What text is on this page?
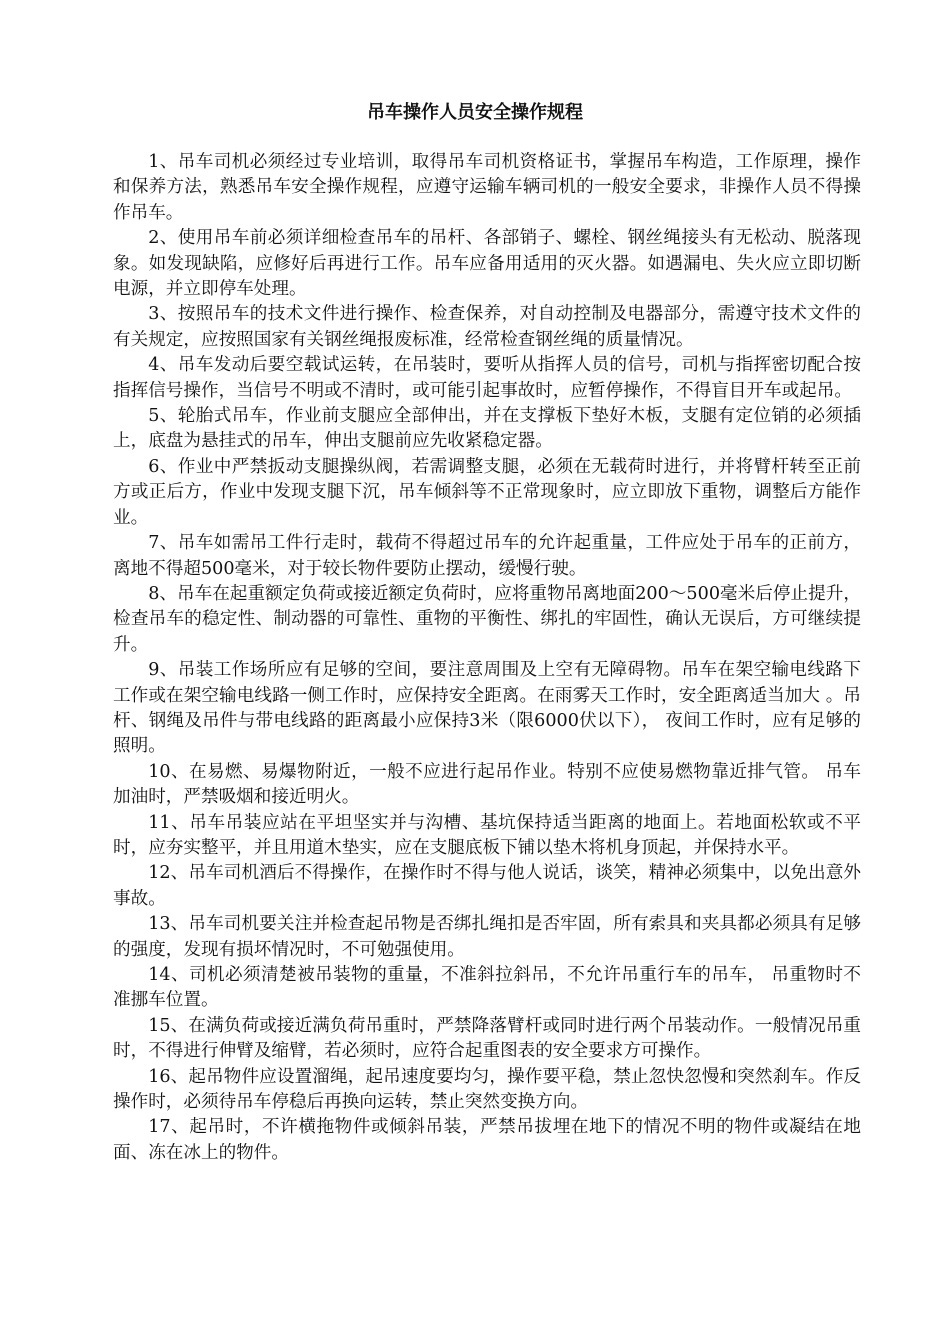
吊车操作人员安全操作规程

1、吊车司机必须经过专业培训，取得吊车司机资格证书，掌握吊车构造，工作原理，操作和保养方法，熟悉吊车安全操作规程，应遵守运输车辆司机的一般安全要求，非操作人员不得操作吊车。

2、使用吊车前必须详细检查吊车的吊杆、各部销子、螺栓、钢丝绳接头有无松动、脱落现象。如发现缺陷，应修好后再进行工作。吊车应备用适用的灭火器。如遇漏电、失火应立即切断电源，并立即停车处理。

3、按照吊车的技术文件进行操作、检查保养，对自动控制及电器部分，需遵守技术文件的有关规定，应按照国家有关钢丝绳报废标准，经常检查钢丝绳的质量情况。

4、吊车发动后要空载试运转，在吊装时，要听从指挥人员的信号，司机与指挥密切配合按指挥信号操作，当信号不明或不清时，或可能引起事故时，应暂停操作，不得盲目开车或起吊。

5、轮胎式吊车，作业前支腿应全部伸出，并在支撑板下垫好木板，支腿有定位销的必须插上，底盘为悬挂式的吊车，伸出支腿前应先收紧稳定器。

6、作业中严禁扳动支腿操纵阀，若需调整支腿，必须在无载荷时进行，并将臂杆转至正前方或正后方，作业中发现支腿下沉，吊车倾斜等不正常现象时，应立即放下重物，调整后方能作业。

7、吊车如需吊工件行走时，载荷不得超过吊车的允许起重量，工件应处于吊车的正前方，离地不得超500毫米，对于较长物件要防止摆动，缓慢行驶。

8、吊车在起重额定负荷或接近额定负荷时，应将重物吊离地面200～500毫米后停止提升，检查吊车的稳定性、制动器的可靠性、重物的平衡性、绑扎的牢固性，确认无误后，方可继续提升。

9、吊装工作场所应有足够的空间，要注意周围及上空有无障碍物。吊车在架空输电线路下工作或在架空输电线路一侧工作时，应保持安全距离。在雨雾天工作时，安全距离适当加大 。吊杆、钢绳及吊件与带电线路的距离最小应保持3米（限6000伏以下）， 夜间工作时，应有足够的照明。

10、在易燃、易爆物附近，一般不应进行起吊作业。特别不应使易燃物靠近排气管。 吊车加油时，严禁吸烟和接近明火。

11、吊车吊装应站在平坦坚实并与沟槽、基坑保持适当距离的地面上。若地面松软或不平时，应夯实整平，并且用道木垫实，应在支腿底板下铺以垫木将机身顶起，并保持水平。

12、吊车司机酒后不得操作，在操作时不得与他人说话，谈笑，精神必须集中，以免出意外事故。

13、吊车司机要关注并检查起吊物是否绑扎绳扣是否牢固，所有索具和夹具都必须具有足够的强度，发现有损坏情况时，不可勉强使用。

14、司机必须清楚被吊装物的重量，不准斜拉斜吊，不允许吊重行车的吊车， 吊重物时不准挪车位置。

15、在满负荷或接近满负荷吊重时，严禁降落臂杆或同时进行两个吊装动作。一般情况吊重时，不得进行伸臂及缩臂，若必须时，应符合起重图表的安全要求方可操作。

16、起吊物件应设置溜绳，起吊速度要均匀，操作要平稳，禁止忽快忽慢和突然刹车。作反操作时，必须待吊车停稳后再换向运转，禁止突然变换方向。

17、起吊时，不许横拖物件或倾斜吊装，严禁吊拔埋在地下的情况不明的物件或凝结在地面、冻在冰上的物件。
